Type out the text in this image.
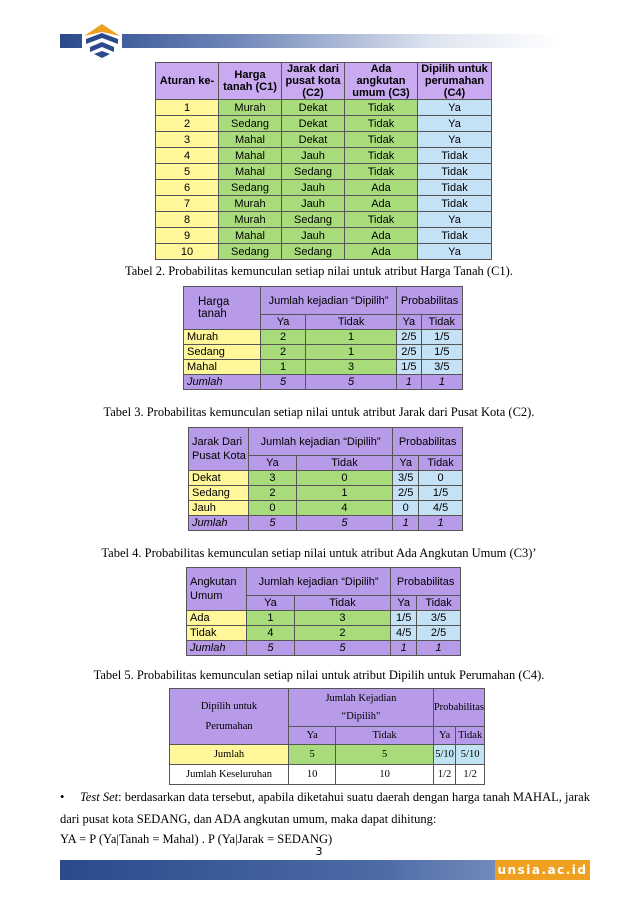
Aturan ke-	Harga tanah (C1)	Jarak dari pusat kota (C2)	Ada angkutan umum (C3)	Dipilih untuk perumahan (C4)
1	Murah	Dekat	Tidak	Ya
2	Sedang	Dekat	Tidak	Ya
3	Mahal	Dekat	Tidak	Ya
4	Mahal	Jauh	Tidak	Tidak
5	Mahal	Sedang	Tidak	Tidak
6	Sedang	Jauh	Ada	Tidak
7	Murah	Jauh	Ada	Tidak
8	Murah	Sedang	Tidak	Ya
9	Mahal	Jauh	Ada	Tidak
10	Sedang	Sedang	Ada	Ya
Tabel 2. Probabilitas kemunculan setiap nilai untuk atribut Harga Tanah (C1).
Harga tanah	Jumlah kejadian “Dipilih”		Probabilitas	
	Ya	Tidak	Ya	Tidak
Murah	2	1	2/5	1/5
Sedang	2	1	2/5	1/5
Mahal	1	3	1/5	3/5
Jumlah	5	5	1	1
Tabel 3. Probabilitas kemunculan setiap nilai untuk atribut Jarak dari Pusat Kota (C2).
Jarak Dari Pusat Kota	Jumlah kejadian “Dipilih”		Probabilitas	
	Ya	Tidak	Ya	Tidak
Dekat	3	0	3/5	0
Sedang	2	1	2/5	1/5
Jauh	0	4	0	4/5
Jumlah	5	5	1	1
Tabel 4. Probabilitas kemunculan setiap nilai untuk atribut Ada Angkutan Umum (C3)’
Angkutan Umum	Jumlah kejadian “Dipilih”		Probabilitas	
	Ya	Tidak	Ya	Tidak
Ada	1	3	1/5	3/5
Tidak	4	2	4/5	2/5
Jumlah	5	5	1	1
Tabel 5. Probabilitas kemunculan setiap nilai untuk atribut Dipilih untuk Perumahan (C4).
Dipilih untuk Perumahan	Jumlah Kejadian “Dipilih"		Probabilitas	
	Ya	Tidak	Ya	Tidak
Jumlah	5	5	5/10	5/10
Jumlah Keseluruhan	10	10	1/2	1/2
• Test Set: berdasarkan data tersebut, apabila diketahui suatu daerah dengan harga tanah MAHAL, jarak dari pusat kota SEDANG, dan ADA angkutan umum, maka dapat dihitung:
YA = P (Ya|Tanah = Mahal) . P (Ya|Jarak = SEDANG)
3
unsia.ac.id
